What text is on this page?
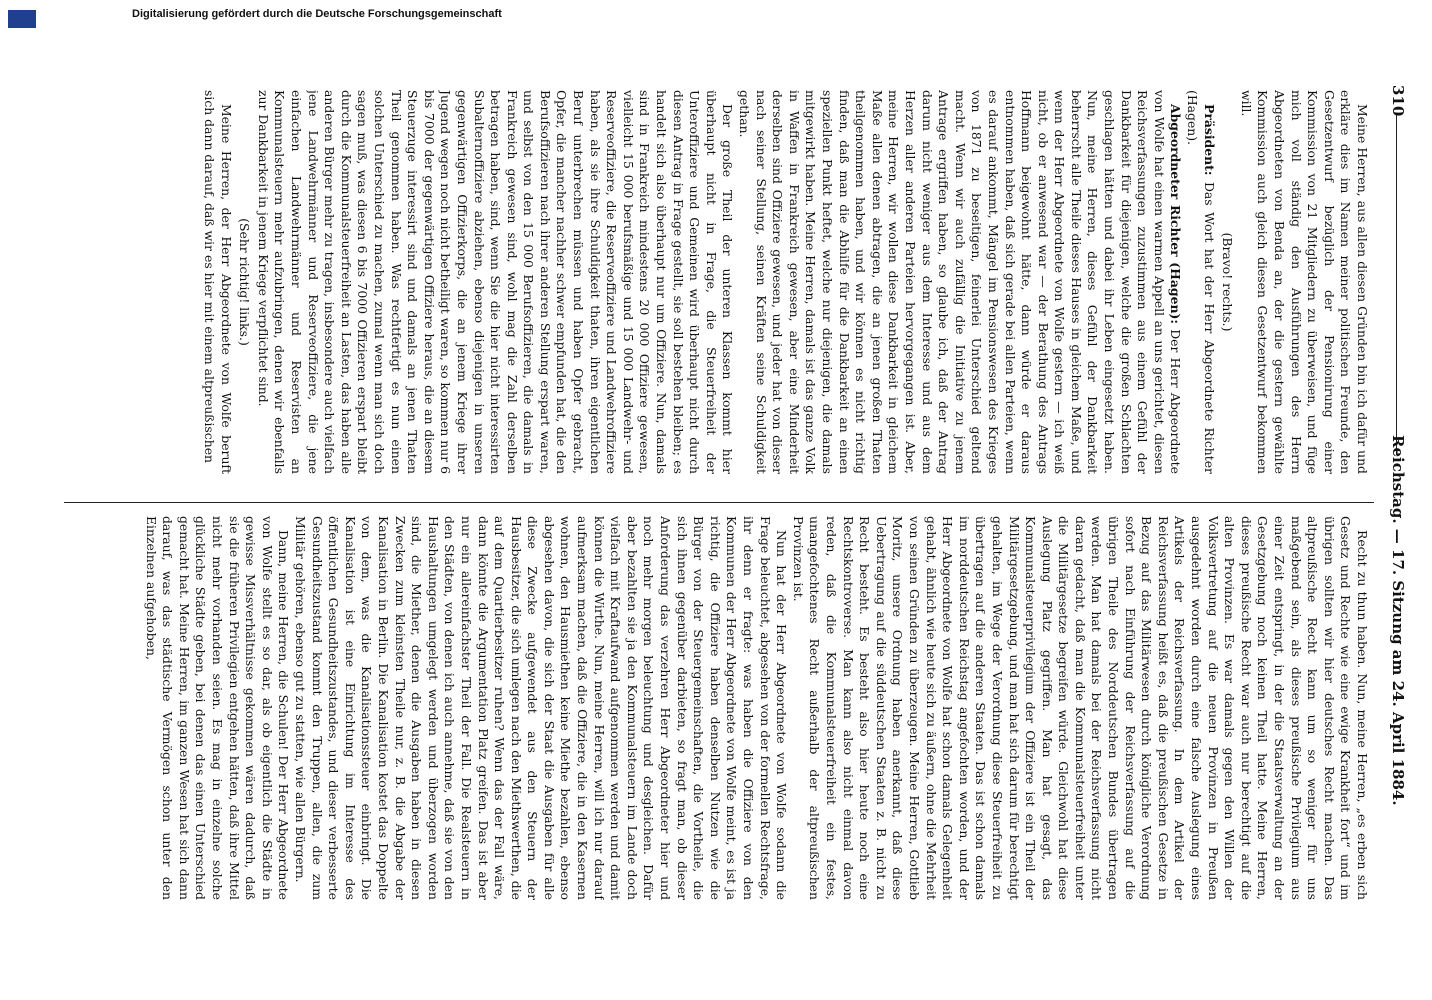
310
Reichstag. — 17. Sitzung am 24. April 1884.

Meine Herren, aus allen diesen Gründen bin ich dafür und erkläre dies im Namen meiner politischen Freunde, den Gesetzentwurf bezüglich der Pensionirung einer Kommission von 21 Mitgliedern zu überweisen, und füge mich voll ständig den Ausführungen des Herrn Abgeordneten von Benda an, der die gestern gewählte Kommission auch gleich diesen Gesetzentwurf bekommen will.

(Bravo! rechts.)

Präsident: Das Wort hat der Herr Abgeordnete Richter (Hagen).

Abgeordneter Richter (Hagen): Der Herr Abgeordnete von Wolfe hat einen warmen Appell an uns gerichtet, diesen Reichsverfassungen zuzustimmen aus einem Gefühl der Dankbarkeit für diejenigen, welche die großen Schlachten geschlagen hätten und dabei ihr Leben eingesetzt haben. Nun, meine Herren, dieses Gefühl der Dankbarkeit beherrscht alle Theile dieses Hauses in gleichem Maße, und wenn der Herr Abgeordnete von Wolfe gestern — ich weiß nicht, ob er anwesend war — der Berathung des Antrags Hoffmann beigewohnt hätte, dann würde er daraus entnommen haben, daß sich gerade bei allen Parteien, wenn es darauf ankommt, Mängel im Pensionswesen des Krieges von 1871 zu beseitigen, feinerlei Unterschied geltend macht. Wenn wir auch zufällig die Initiative zu jenem Antrage ergriffen haben, so glaube ich, daß der Antrag darum nicht weniger aus dem Interesse und aus dem Herzen aller anderen Parteien hervorgegangen ist. Aber, meine Herren, wir wollen diese Dankbarkeit in gleichem Maße allen denen abtragen, die an jenen großen Thaten theilgenommen haben, und wir können es nicht richtig finden, daß man die Abhilfe für die Dankbarkeit an einen speziellen Punkt heftet, welche nur diejenigen, die damals mitgewirkt haben. Meine Herren, damals ist das ganze Volk in Waffen in Frankreich gewesen, aber eine Minderheit derselben sind Offiziere gewesen, und jeder hat von dieser nach seiner Stellung, seinen Kräften seine Schuldigkeit gethan.

Der große Theil der unteren Klassen kommt hier überhaupt nicht in Frage, die Steuerfreiheit der Unteroffiziere und Gemeinen wird überhaupt nicht durch diesen Antrag in Frage gestellt, sie soll bestehen bleiben; es handelt sich also überhaupt nur um Offiziere. Nun, damals sind in Frankreich mindestens 20 000 Offiziere gewesen, vielleicht 15 000 berufsmäßige und 15 000 Landwehr- und Reserveoffiziere, die Reserveoffiziere und Landwehroffiziere haben, als sie ihre Schuldigkeit thaten, ihren eigentlichen Beruf unterbrechen müssen und haben Opfer gebracht, Opfer, die mancher nachher schwer empfunden hat, die den Berufsoffizieren nach ihrer anderen Stellung erspart waren, und selbst von den 15 000 Berufsoffizieren, die damals in Frankreich gewesen sind, wohl mag die Zahl derselben betragen haben, sind, wenn Sie die hier nicht interessirten Subalternoffiziere abziehen, ebenso diejenigen in unseren gegenwärtigen Offizierkorps, die an jenem Kriege ihrer Jugend wegen noch nicht betheiligt waren, so kommen nur 6 bis 7000 der gegenwärtigen Offiziere heraus, die an diesem Steuerzuge interessirt sind und damals an jenen Thaten Theil genommen haben. Was rechtfertigt es nun einen solchen Unterschied zu machen, zumal wenn man sich doch sagen muß, was diesen 6 bis 7000 Offizieren erspart bleibt durch die Kommunalsteuerfreiheit an Lasten, das haben alle anderen Bürger mehr zu tragen, insbesondere auch vielfach jene Landwehrmänner und Reserveoffiziere, die jene einfachen Landwehrmänner und Reservisten an Kommunalsteuern mehr aufzubringen, denen wir ebenfalls zur Dankbarkeit in jenem Kriege verpflichtet sind.

(Sehr richtig! links.)

Meine Herren, der Herr Abgeordnete von Wolfe beruft sich dann darauf, daß wir es hier mit einem altpreußischen

Recht zu thun haben. Nun, meine Herren, „es erben sich Gesetz und Rechte wie eine ewige Krankheit fort“ und im übrigen sollten wir hier deutsches Recht machen. Das altpreußische Recht kann um so weniger für uns maßgebend sein, als dieses preußische Privilegium aus einer Zeit entspringt, in der die Staatsverwaltung an der Gesetzgebung noch keinen Theil hatte. Meine Herren, dieses preußische Recht war auch nur berechtigt auf die alten Provinzen. Es war damals gegen den Willen der Volksvertretung auf die neuen Provinzen in Preußen ausgedehnt worden durch eine falsche Auslegung eines Artikels der Reichsverfassung. In dem Artikel der Reichsverfassung heißt es, daß die preußischen Gesetze in Bezug auf das Militärwesen durch königliche Verordnung sofort nach Einführung der Reichsverfassung auf die übrigen Theile des Norddeutschen Bundes übertragen werden. Man hat damals bei der Reichsverfassung nicht daran gedacht, daß man die Kommunalsteuerfreiheit unter die Militärgesetze begreifen würde. Gleichwohl hat diese Auslegung Platz gegriffen. Man hat gesagt, das Kommunalsteuerprivilegium der Offiziere ist ein Theil der Militärgesetzgebung, und man hat sich darum für berechtigt gehalten, im Wege der Verordnung diese Steuerfreiheit zu übertragen auf die anderen Staaten. Das ist schon damals im norddeutschen Reichstag angefochten worden, und der Herr Abgeordnete von Wolfe hat schon damals Gelegenheit gehabt, ähnlich wie heute sich zu äußern, ohne die Mehrheit von seinen Gründen zu überzeugen. Meine Herren, Gottlieb Moritz, unsere Ordnung haben anerkannt, daß diese Uebertragung auf die süddeutschen Staaten z. B. nicht zu Recht besteht. Es besteht also hier heute noch eine Rechtskontroverse. Man kann also nicht einmal davon reden, daß die Kommunalsteuerfreiheit ein festes, unangefochtenes Recht außerhalb der altpreußischen Provinzen ist.

Nun hat der Herr Abgeordnete von Wolfe sodann die Frage beleuchtet, abgesehen von der formellen Rechtsfrage, ihr denn er fragte: was haben die Offiziere von den Kommunen der Herr Abgeordnete von Wolfe meint, es ist ja richtig, die Offiziere haben denselben Nutzen wie die Bürger von der Steuergemeinschaften, die Vortheile, die sich ihnen gegenüber darbieten, so fragt man, ob dieser Anforderung das verzehren Herr Abgeordneter hier und noch mehr morgen beleuchtung und desgleichen. Dafür aber bezahlten sie ja den Kommunalsteuern im Lande doch vielfach mit Kraftaufwand aufgenommen werden und damit können die Wirthe. Nun, meine Herren, will ich nur darauf aufmerksam machen, daß die Offiziere, die in den Kasernen wohnen, den Hausmiethen keine Miethe bezahlen, ebenso abgesehen davon, die sich der Staat die Ausgaben für alle diese Zwecke aufgewendet aus den Steuern der Hausbesitzer, die sich umlegen nach den Miethswerthen, die auf dem Quartierbesitzer ruhen? Wenn das der Fall wäre, dann könnte die Argumentation Platz greifen. Das ist aber nur ein allereinfachster Theil der Fall. Die Realsteuern in den Städten, von denen ich auch annehme, daß sie von den Haushaltungen umgelegt werden und überzogen worden sind, die Miether, denen die Ausgaben haben in diesen Zwecken zum kleinsten Theile nur, z. B. die Abgabe der Kanalisation in Berlin. Die Kanalisation kostet das Doppelte von dem, was die Kanalisationssteuer einbringt. Die Kanalisation ist eine Einrichtung im Interesse des öffentlichen Gesundheitszustandes, und dieser verbesserte Gesundheitszustand kommt den Truppen, allen, die zum Militär gehören, ebenso gut zu statten, wie allen Bürgern.

Dann, meine Herren, die Schulen! Der Herr Abgeordnete von Wolfe stellt es so dar, als ob eigentlich die Städte in gewisse Missverhältnisse gekommen wären dadurch, daß sie die früheren Privilegien entgehen hätten, daß ihre Mittel nicht mehr vorhanden seien. Es mag in einzelne solche glückliche Städte geben, bei denen das einen Unterschied gemacht hat. Meine Herren, im ganzen Wesen hat sich dann darauf, was das städtische Vermögen schon unter den Einzelnen aufgehoben,

Digitalisierung gefördert durch die Deutsche Forschungsgemeinschaft
